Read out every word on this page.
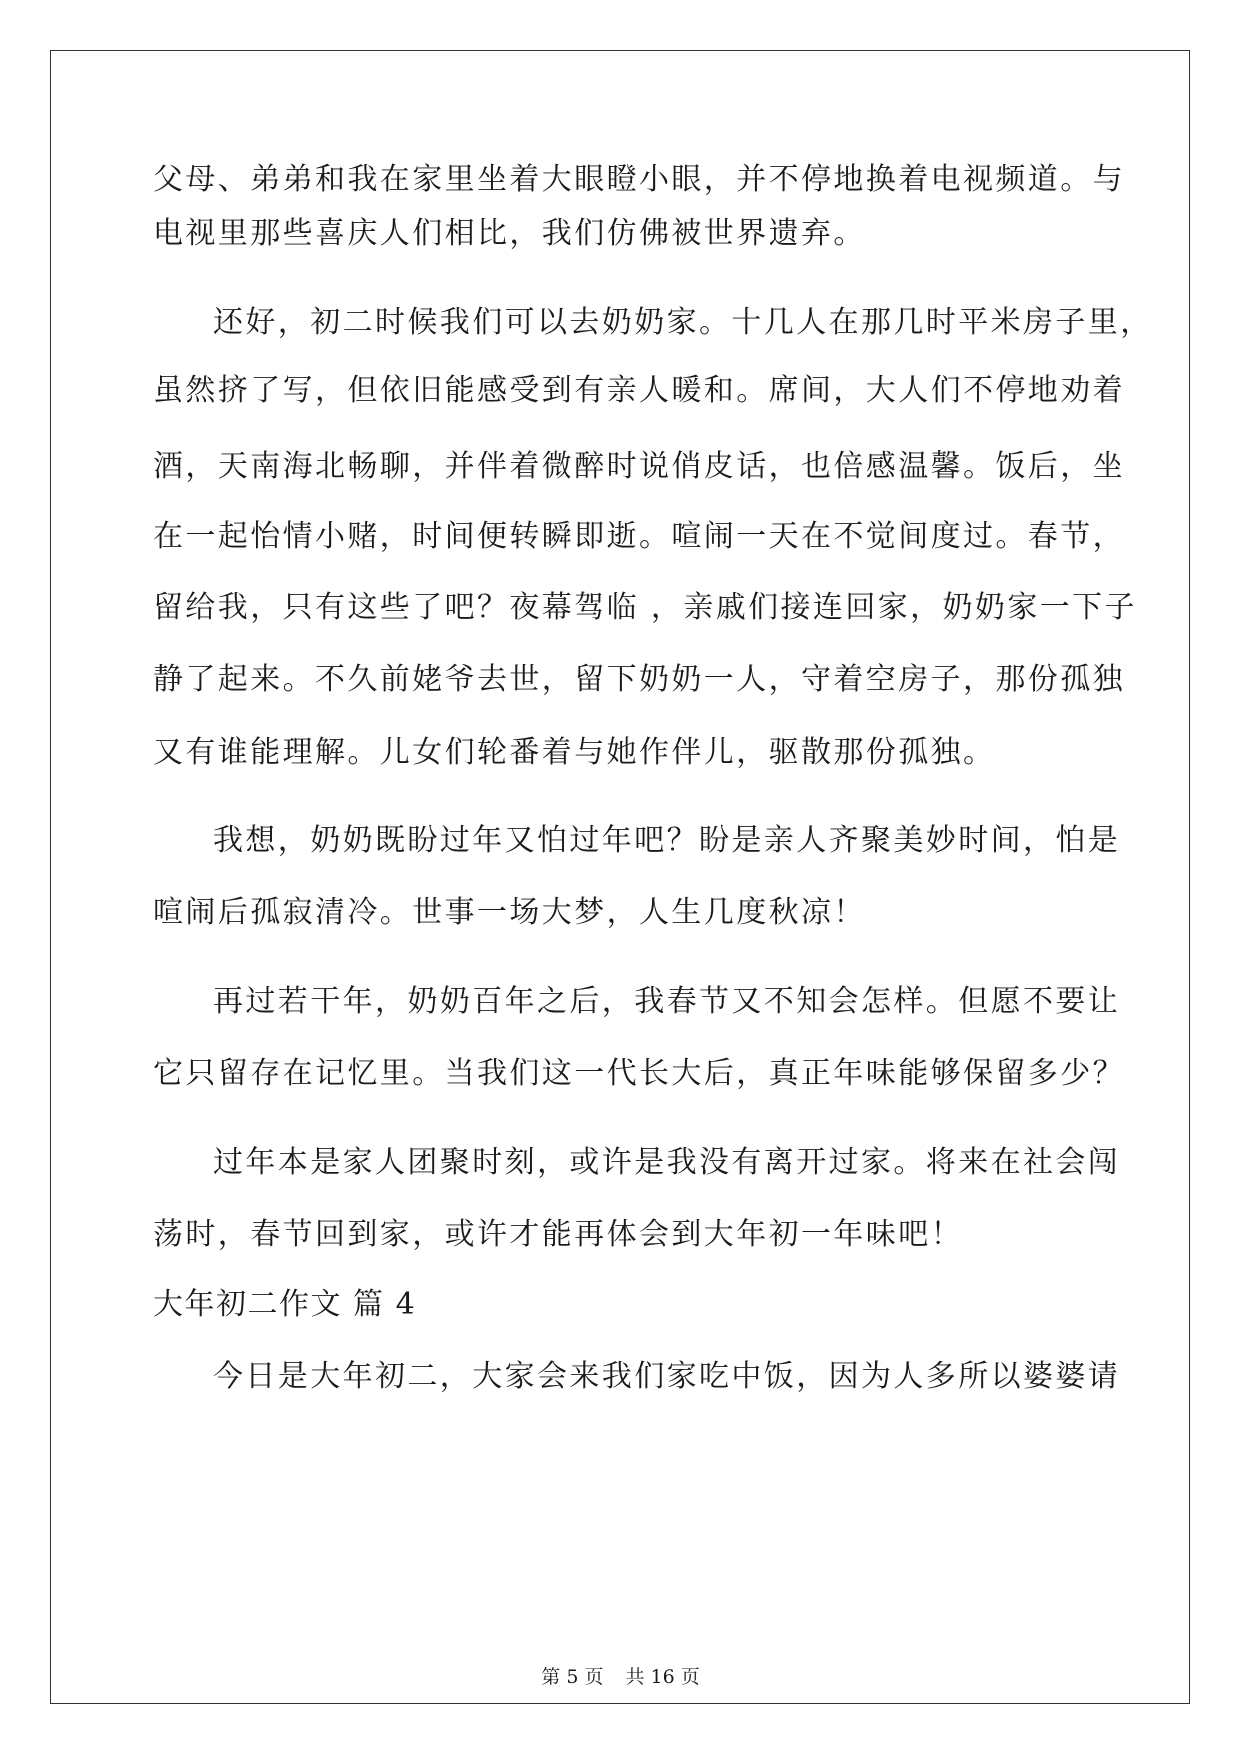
父母、弟弟和我在家里坐着大眼瞪小眼，并不停地换着电视频道。与
电视里那些喜庆人们相比，我们仿佛被世界遗弃。
还好，初二时候我们可以去奶奶家。十几人在那几时平米房子里，
虽然挤了写，但依旧能感受到有亲人暖和。席间，大人们不停地劝着
酒，天南海北畅聊，并伴着微醉时说俏皮话，也倍感温馨。饭后，坐
在一起怡情小赌，时间便转瞬即逝。喧闹一天在不觉间度过。春节，
留给我，只有这些了吧？夜幕驾临 ，亲戚们接连回家，奶奶家一下子
静了起来。不久前姥爷去世，留下奶奶一人，守着空房子，那份孤独
又有谁能理解。儿女们轮番着与她作伴儿，驱散那份孤独。
我想，奶奶既盼过年又怕过年吧？盼是亲人齐聚美妙时间，怕是
喧闹后孤寂清冷。世事一场大梦，人生几度秋凉！
再过若干年，奶奶百年之后，我春节又不知会怎样。但愿不要让
它只留存在记忆里。当我们这一代长大后，真正年味能够保留多少？
过年本是家人团聚时刻，或许是我没有离开过家。将来在社会闯
荡时，春节回到家，或许才能再体会到大年初一年味吧！
大年初二作文 篇 4
今日是大年初二，大家会来我们家吃中饭，因为人多所以婆婆请
第 5 页 共 16 页
